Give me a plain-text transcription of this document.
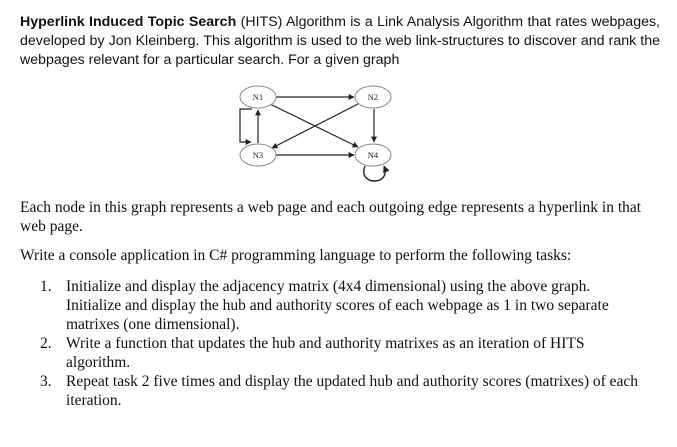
Hyperlink Induced Topic Search (HITS) Algorithm is a Link Analysis Algorithm that rates webpages, developed by Jon Kleinberg. This algorithm is used to the web link-structures to discover and rank the webpages relevant for a particular search. For a given graph

N1	N2
N3	N4

Each node in this graph represents a web page and each outgoing edge represents a hyperlink in that web page.

Write a console application in C# programming language to perform the following tasks:

1. Initialize and display the adjacency matrix (4x4 dimensional) using the above graph. Initialize and display the hub and authority scores of each webpage as 1 in two separate matrixes (one dimensional).
2. Write a function that updates the hub and authority matrixes as an iteration of HITS algorithm.
3. Repeat task 2 five times and display the updated hub and authority scores (matrixes) of each iteration.
